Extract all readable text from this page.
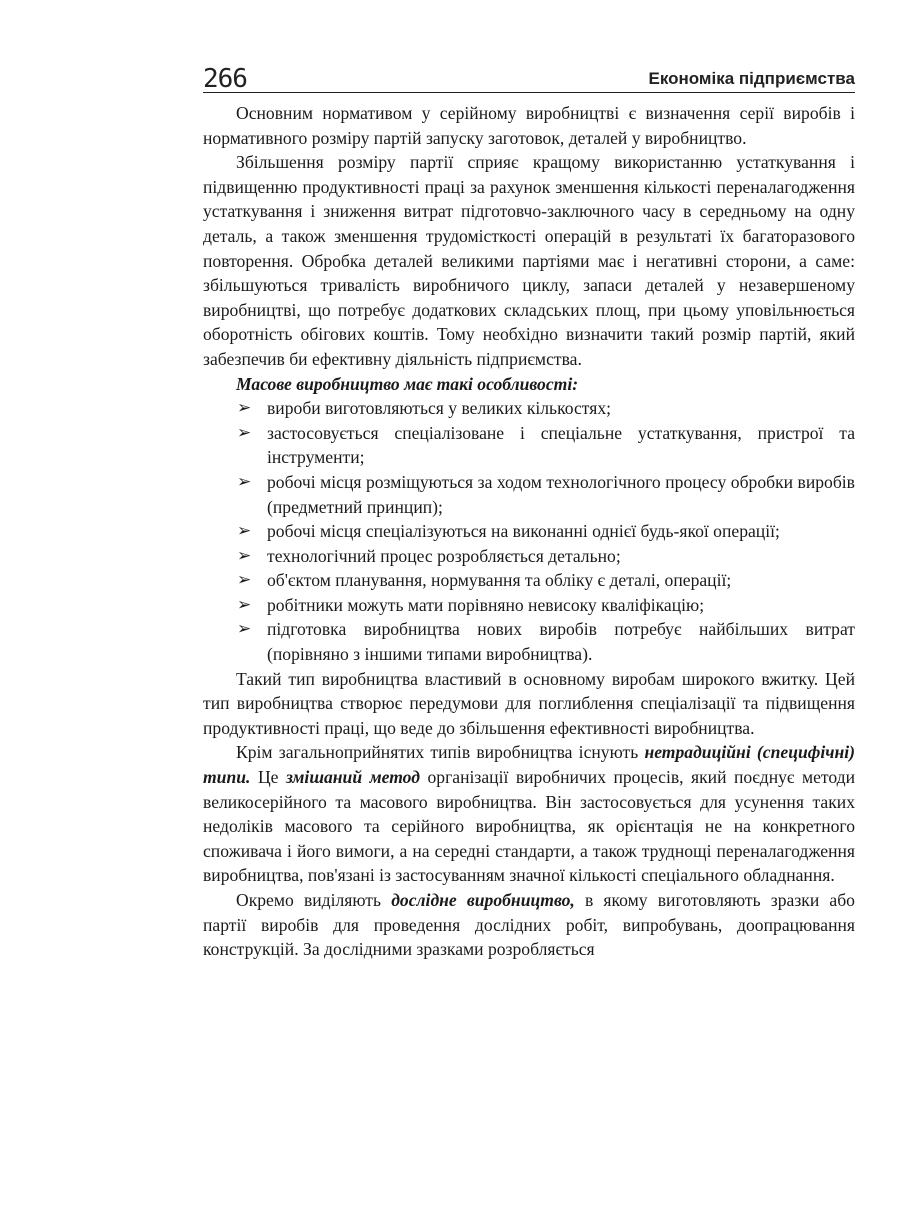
266	Економіка підприємства

Основним нормативом у серійному виробництві є визначення серії виробів і нормативного розміру партій запуску заготовок, деталей у виробництво.

Збільшення розміру партії сприяє кращому використанню устаткування і підвищенню продуктивності праці за рахунок зменшення кількості переналагодження устаткування і зниження витрат підготовчо-заключного часу в середньому на одну деталь, а також зменшення трудомісткості операцій в результаті їх багаторазового повторення. Обробка деталей великими партіями має і негативні сторони, а саме: збільшуються тривалість виробничого циклу, запаси деталей у незавершеному виробництві, що потребує додаткових складських площ, при цьому уповільнюється оборотність обігових коштів. Тому необхідно визначити такий розмір партій, який забезпечив би ефективну діяльність підприємства.

Масове виробництво має такі особливості:

➢ вироби виготовляються у великих кількостях;
➢ застосовується спеціалізоване і спеціальне устаткування, пристрої та інструменти;
➢ робочі місця розміщуються за ходом технологічного процесу обробки виробів (предметний принцип);
➢ робочі місця спеціалізуються на виконанні однієї будь-якої операції;
➢ технологічний процес розробляється детально;
➢ об'єктом планування, нормування та обліку є деталі, операції;
➢ робітники можуть мати порівняно невисоку кваліфікацію;
➢ підготовка виробництва нових виробів потребує найбільших витрат (порівняно з іншими типами виробництва).

Такий тип виробництва властивий в основному виробам широкого вжитку. Цей тип виробництва створює передумови для поглиблення спеціалізації та підвищення продуктивності праці, що веде до збільшення ефективності виробництва.

Крім загальноприйнятих типів виробництва існують нетрадиційні (специфічні) типи. Це змішаний метод організації виробничих процесів, який поєднує методи великосерійного та масового виробництва. Він застосовується для усунення таких недоліків масового та серійного виробництва, як орієнтація не на конкретного споживача і його вимоги, а на середні стандарти, а також труднощі переналагодження виробництва, пов'язані із застосуванням значної кількості спеціального обладнання.

Окремо виділяють дослідне виробництво, в якому виготовляють зразки або партії виробів для проведення дослідних робіт, випробувань, доопрацювання конструкцій. За дослідними зразками розробляється
